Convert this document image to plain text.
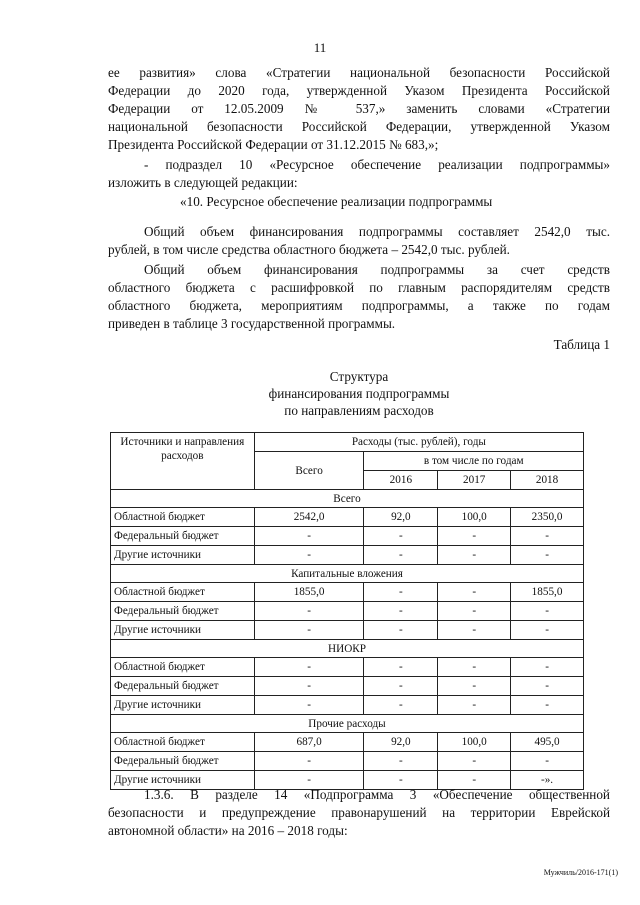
11
ее развития» слова «Стратегии национальной безопасности Российской
Федерации до 2020 года, утвержденной Указом Президента Российской
Федерации от 12.05.2009 № 537,» заменить словами «Стратегии
национальной безопасности Российской Федерации, утвержденной Указом
Президента Российской Федерации от 31.12.2015 № 683,»;
- подраздел 10 «Ресурсное обеспечение реализации подпрограммы»
изложить в следующей редакции:
«10. Ресурсное обеспечение реализации подпрограммы
Общий объем финансирования подпрограммы составляет 2542,0 тыс.
рублей, в том числе средства областного бюджета – 2542,0 тыс. рублей.
Общий объем финансирования подпрограммы за счет средств
областного бюджета с расшифровкой по главным распорядителям средств
областного бюджета, мероприятиям подпрограммы, а также по годам
приведен в таблице 3 государственной программы.
Таблица 1
Структура
финансирования подпрограммы
по направлениям расходов
Источники и направления расходов	Расходы (тыс. рублей), годы			
	Всего	в том числе по годам		
		2016	2017	2018
Всего				
Областной бюджет	2542,0	92,0	100,0	2350,0
Федеральный бюджет	-	-	-	-
Другие источники	-	-	-	-
Капитальные вложения				
Областной бюджет	1855,0	-	-	1855,0
Федеральный бюджет	-	-	-	-
Другие источники	-	-	-	-
НИОКР				
Областной бюджет	-	-	-	-
Федеральный бюджет	-	-	-	-
Другие источники	-	-	-	-
Прочие расходы				
Областной бюджет	687,0	92,0	100,0	495,0
Федеральный бюджет	-	-	-	-
Другие источники	-	-	-	-».
1.3.6. В разделе 14 «Подпрограмма 3 «Обеспечение общественной
безопасности и предупреждение правонарушений на территории Еврейской
автономной области» на 2016 – 2018 годы:
Мужчиль/2016-171(1)
